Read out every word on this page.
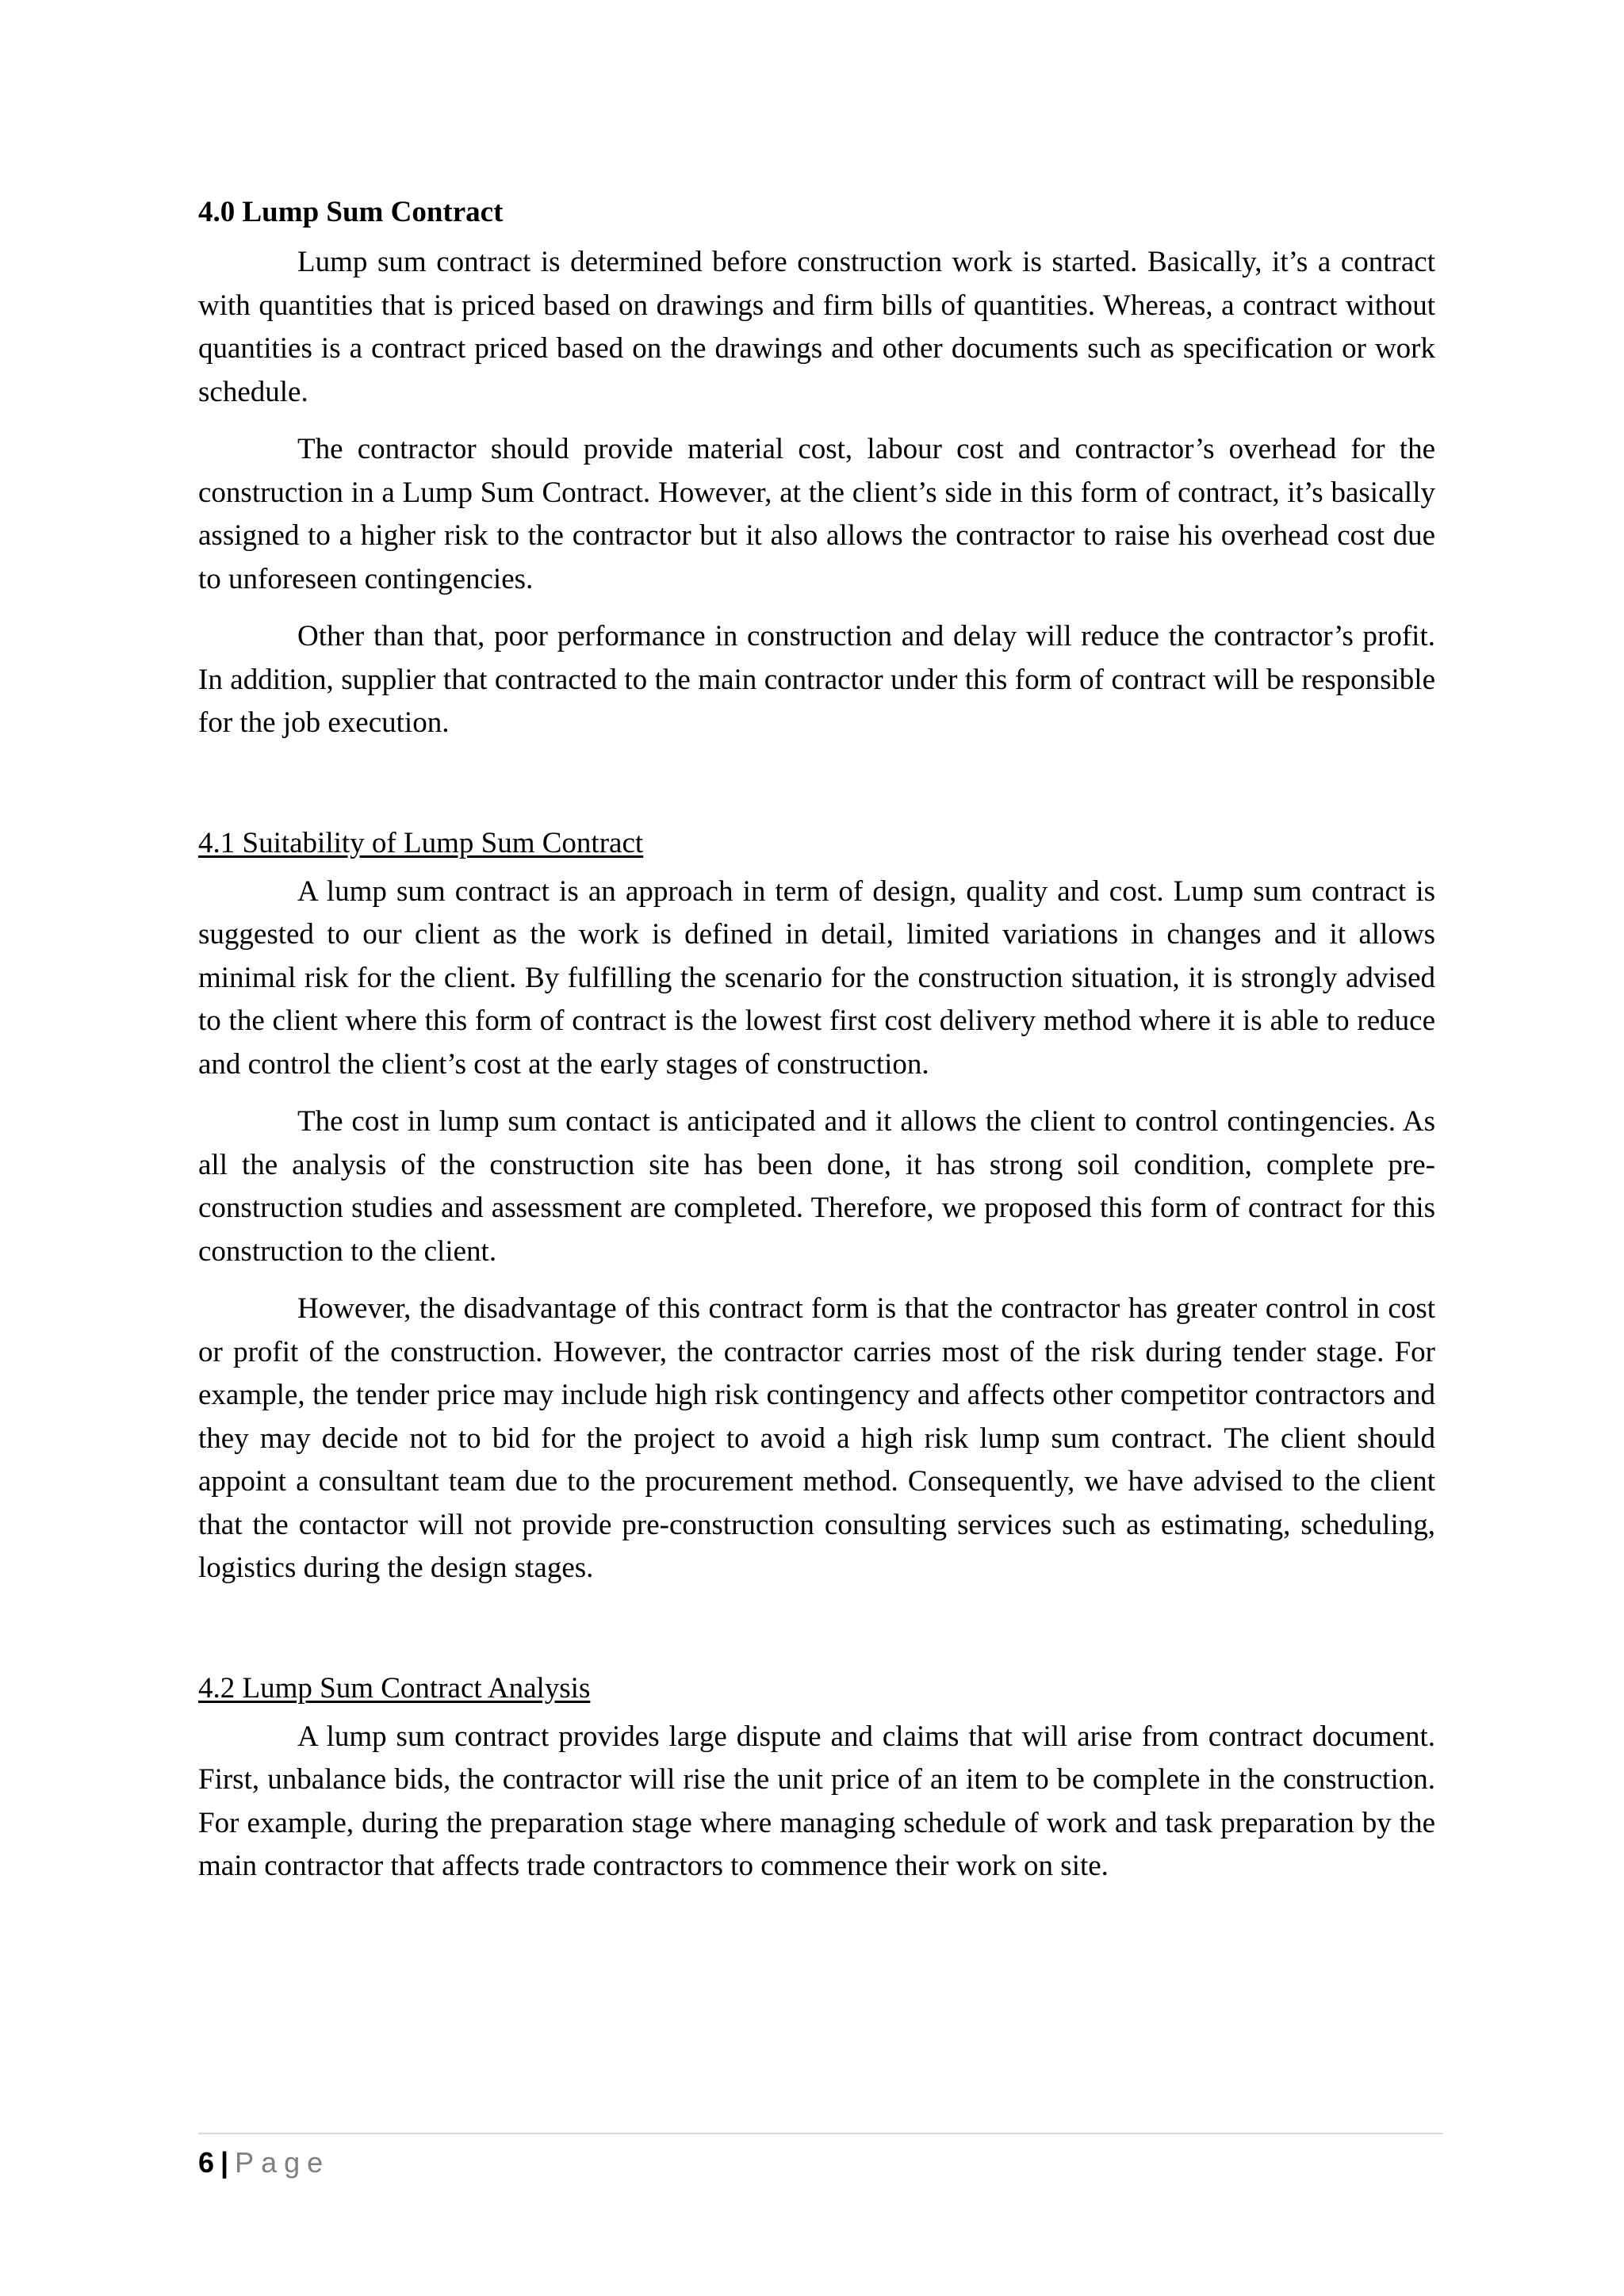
4.0 Lump Sum Contract

Lump sum contract is determined before construction work is started. Basically, it’s a contract with quantities that is priced based on drawings and firm bills of quantities. Whereas, a contract without quantities is a contract priced based on the drawings and other documents such as specification or work schedule.

The contractor should provide material cost, labour cost and contractor’s overhead for the construction in a Lump Sum Contract. However, at the client’s side in this form of contract, it’s basically assigned to a higher risk to the contractor but it also allows the contractor to raise his overhead cost due to unforeseen contingencies.

Other than that, poor performance in construction and delay will reduce the contractor’s profit. In addition, supplier that contracted to the main contractor under this form of contract will be responsible for the job execution.

4.1 Suitability of Lump Sum Contract

A lump sum contract is an approach in term of design, quality and cost. Lump sum contract is suggested to our client as the work is defined in detail, limited variations in changes and it allows minimal risk for the client. By fulfilling the scenario for the construction situation, it is strongly advised to the client where this form of contract is the lowest first cost delivery method where it is able to reduce and control the client’s cost at the early stages of construction.

The cost in lump sum contact is anticipated and it allows the client to control contingencies. As all the analysis of the construction site has been done, it has strong soil condition, complete pre-construction studies and assessment are completed. Therefore, we proposed this form of contract for this construction to the client.

However, the disadvantage of this contract form is that the contractor has greater control in cost or profit of the construction. However, the contractor carries most of the risk during tender stage. For example, the tender price may include high risk contingency and affects other competitor contractors and they may decide not to bid for the project to avoid a high risk lump sum contract. The client should appoint a consultant team due to the procurement method. Consequently, we have advised to the client that the contactor will not provide pre-construction consulting services such as estimating, scheduling, logistics during the design stages.

4.2 Lump Sum Contract Analysis

A lump sum contract provides large dispute and claims that will arise from contract document. First, unbalance bids, the contractor will rise the unit price of an item to be complete in the construction. For example, during the preparation stage where managing schedule of work and task preparation by the main contractor that affects trade contractors to commence their work on site.

6 | Page
